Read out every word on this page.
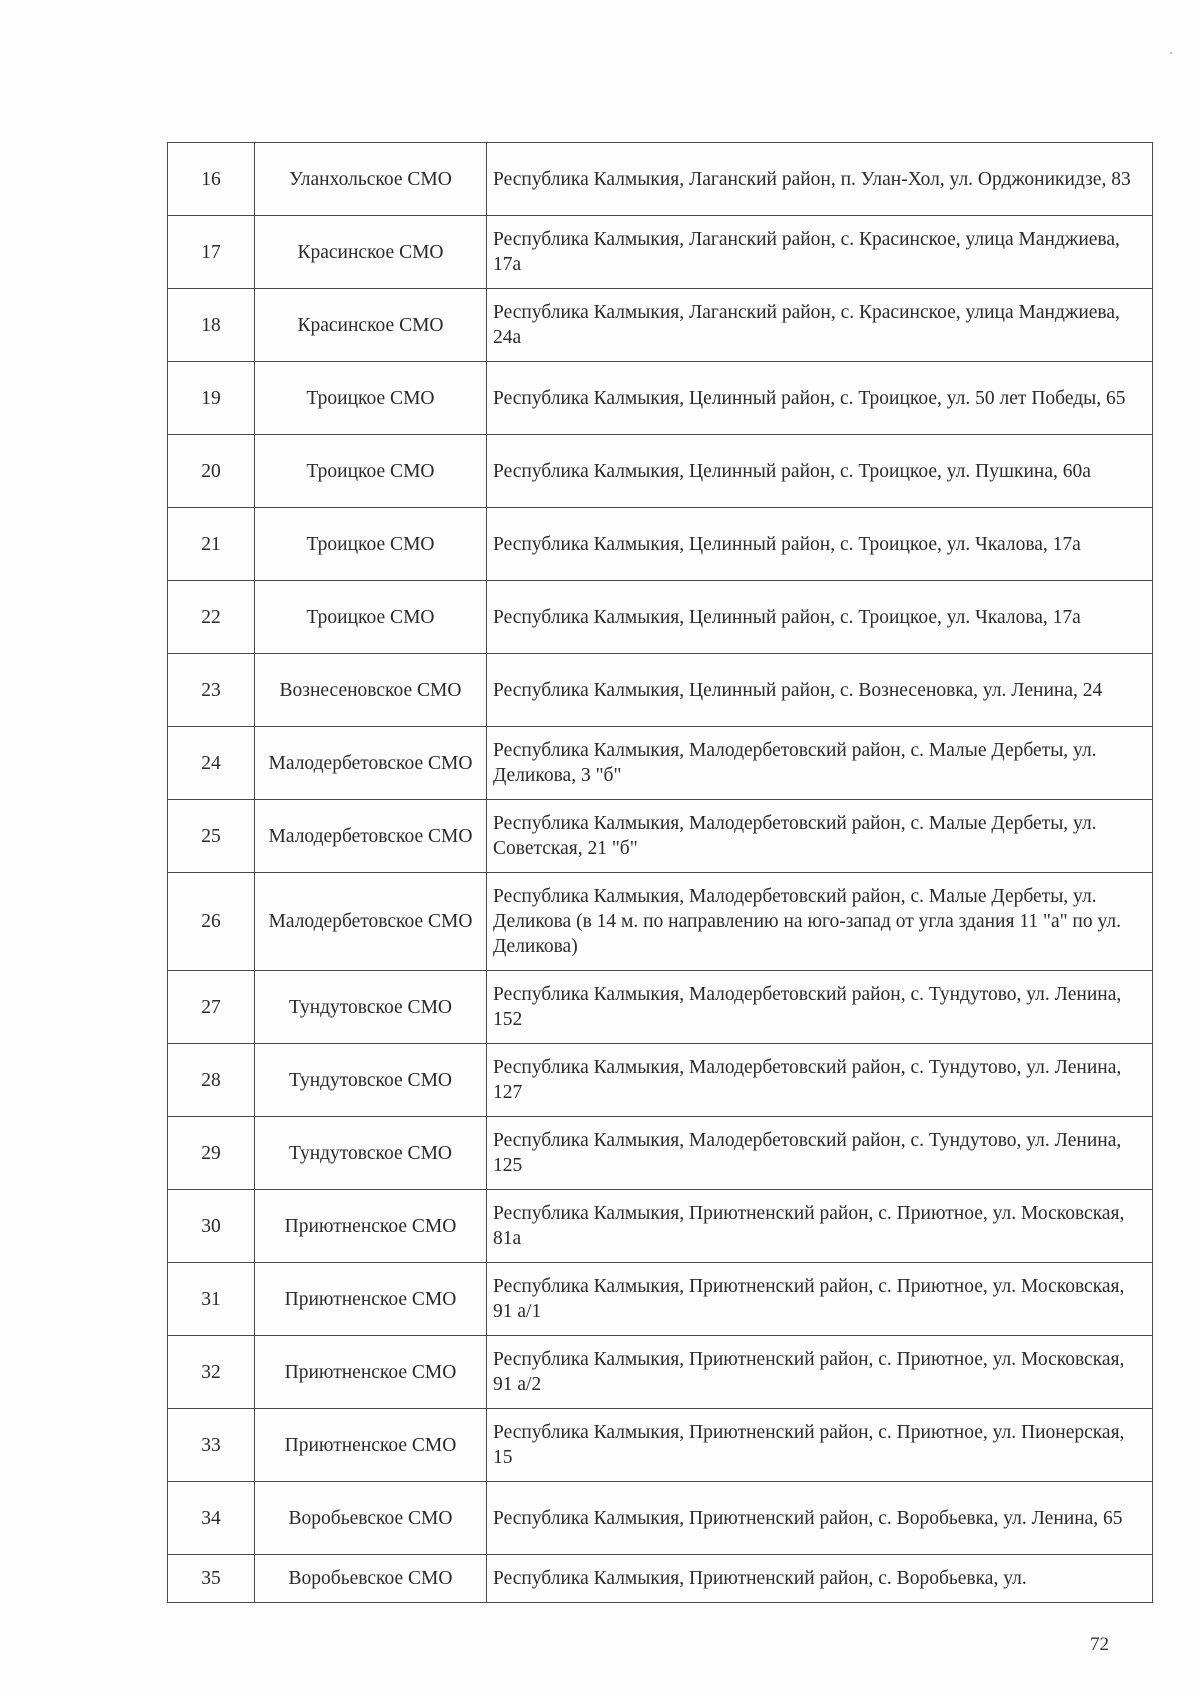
16	Уланхольское СМО	Республика Калмыкия, Лаганский район, п. Улан-Хол, ул. Орджоникидзе, 83
17	Красинское СМО	Республика Калмыкия, Лаганский район, с. Красинское, улица Манджиева, 17а
18	Красинское СМО	Республика Калмыкия, Лаганский район, с. Красинское, улица Манджиева, 24а
19	Троицкое СМО	Республика Калмыкия, Целинный район, с. Троицкое, ул. 50 лет Победы, 65
20	Троицкое СМО	Республика Калмыкия, Целинный район, с. Троицкое, ул. Пушкина, 60а
21	Троицкое СМО	Республика Калмыкия, Целинный район, с. Троицкое, ул. Чкалова, 17а
22	Троицкое СМО	Республика Калмыкия, Целинный район, с. Троицкое, ул. Чкалова, 17а
23	Вознесеновское СМО	Республика Калмыкия, Целинный район, с. Вознесеновка, ул. Ленина, 24
24	Малодербетовское СМО	Республика Калмыкия, Малодербетовский район, с. Малые Дербеты, ул. Деликова, 3 "б"
25	Малодербетовское СМО	Республика Калмыкия, Малодербетовский район, с. Малые Дербеты, ул. Советская, 21 "б"
26	Малодербетовское СМО	Республика Калмыкия, Малодербетовский район, с. Малые Дербеты, ул. Деликова (в 14 м. по направлению на юго-запад от угла здания 11 "а" по ул. Деликова)
27	Тундутовское СМО	Республика Калмыкия, Малодербетовский район, с. Тундутово, ул. Ленина, 152
28	Тундутовское СМО	Республика Калмыкия, Малодербетовский район, с. Тундутово, ул. Ленина, 127
29	Тундутовское СМО	Республика Калмыкия, Малодербетовский район, с. Тундутово, ул. Ленина, 125
30	Приютненское СМО	Республика Калмыкия, Приютненский район, с. Приютное, ул. Московская, 81а
31	Приютненское СМО	Республика Калмыкия, Приютненский район, с. Приютное, ул. Московская, 91 а/1
32	Приютненское СМО	Республика Калмыкия, Приютненский район, с. Приютное, ул. Московская, 91 а/2
33	Приютненское СМО	Республика Калмыкия, Приютненский район, с. Приютное, ул. Пионерская, 15
34	Воробьевское СМО	Республика Калмыкия, Приютненский район, с. Воробьевка, ул. Ленина, 65
35	Воробьевское СМО	Республика Калмыкия, Приютненский район, с. Воробьевка, ул.
72
